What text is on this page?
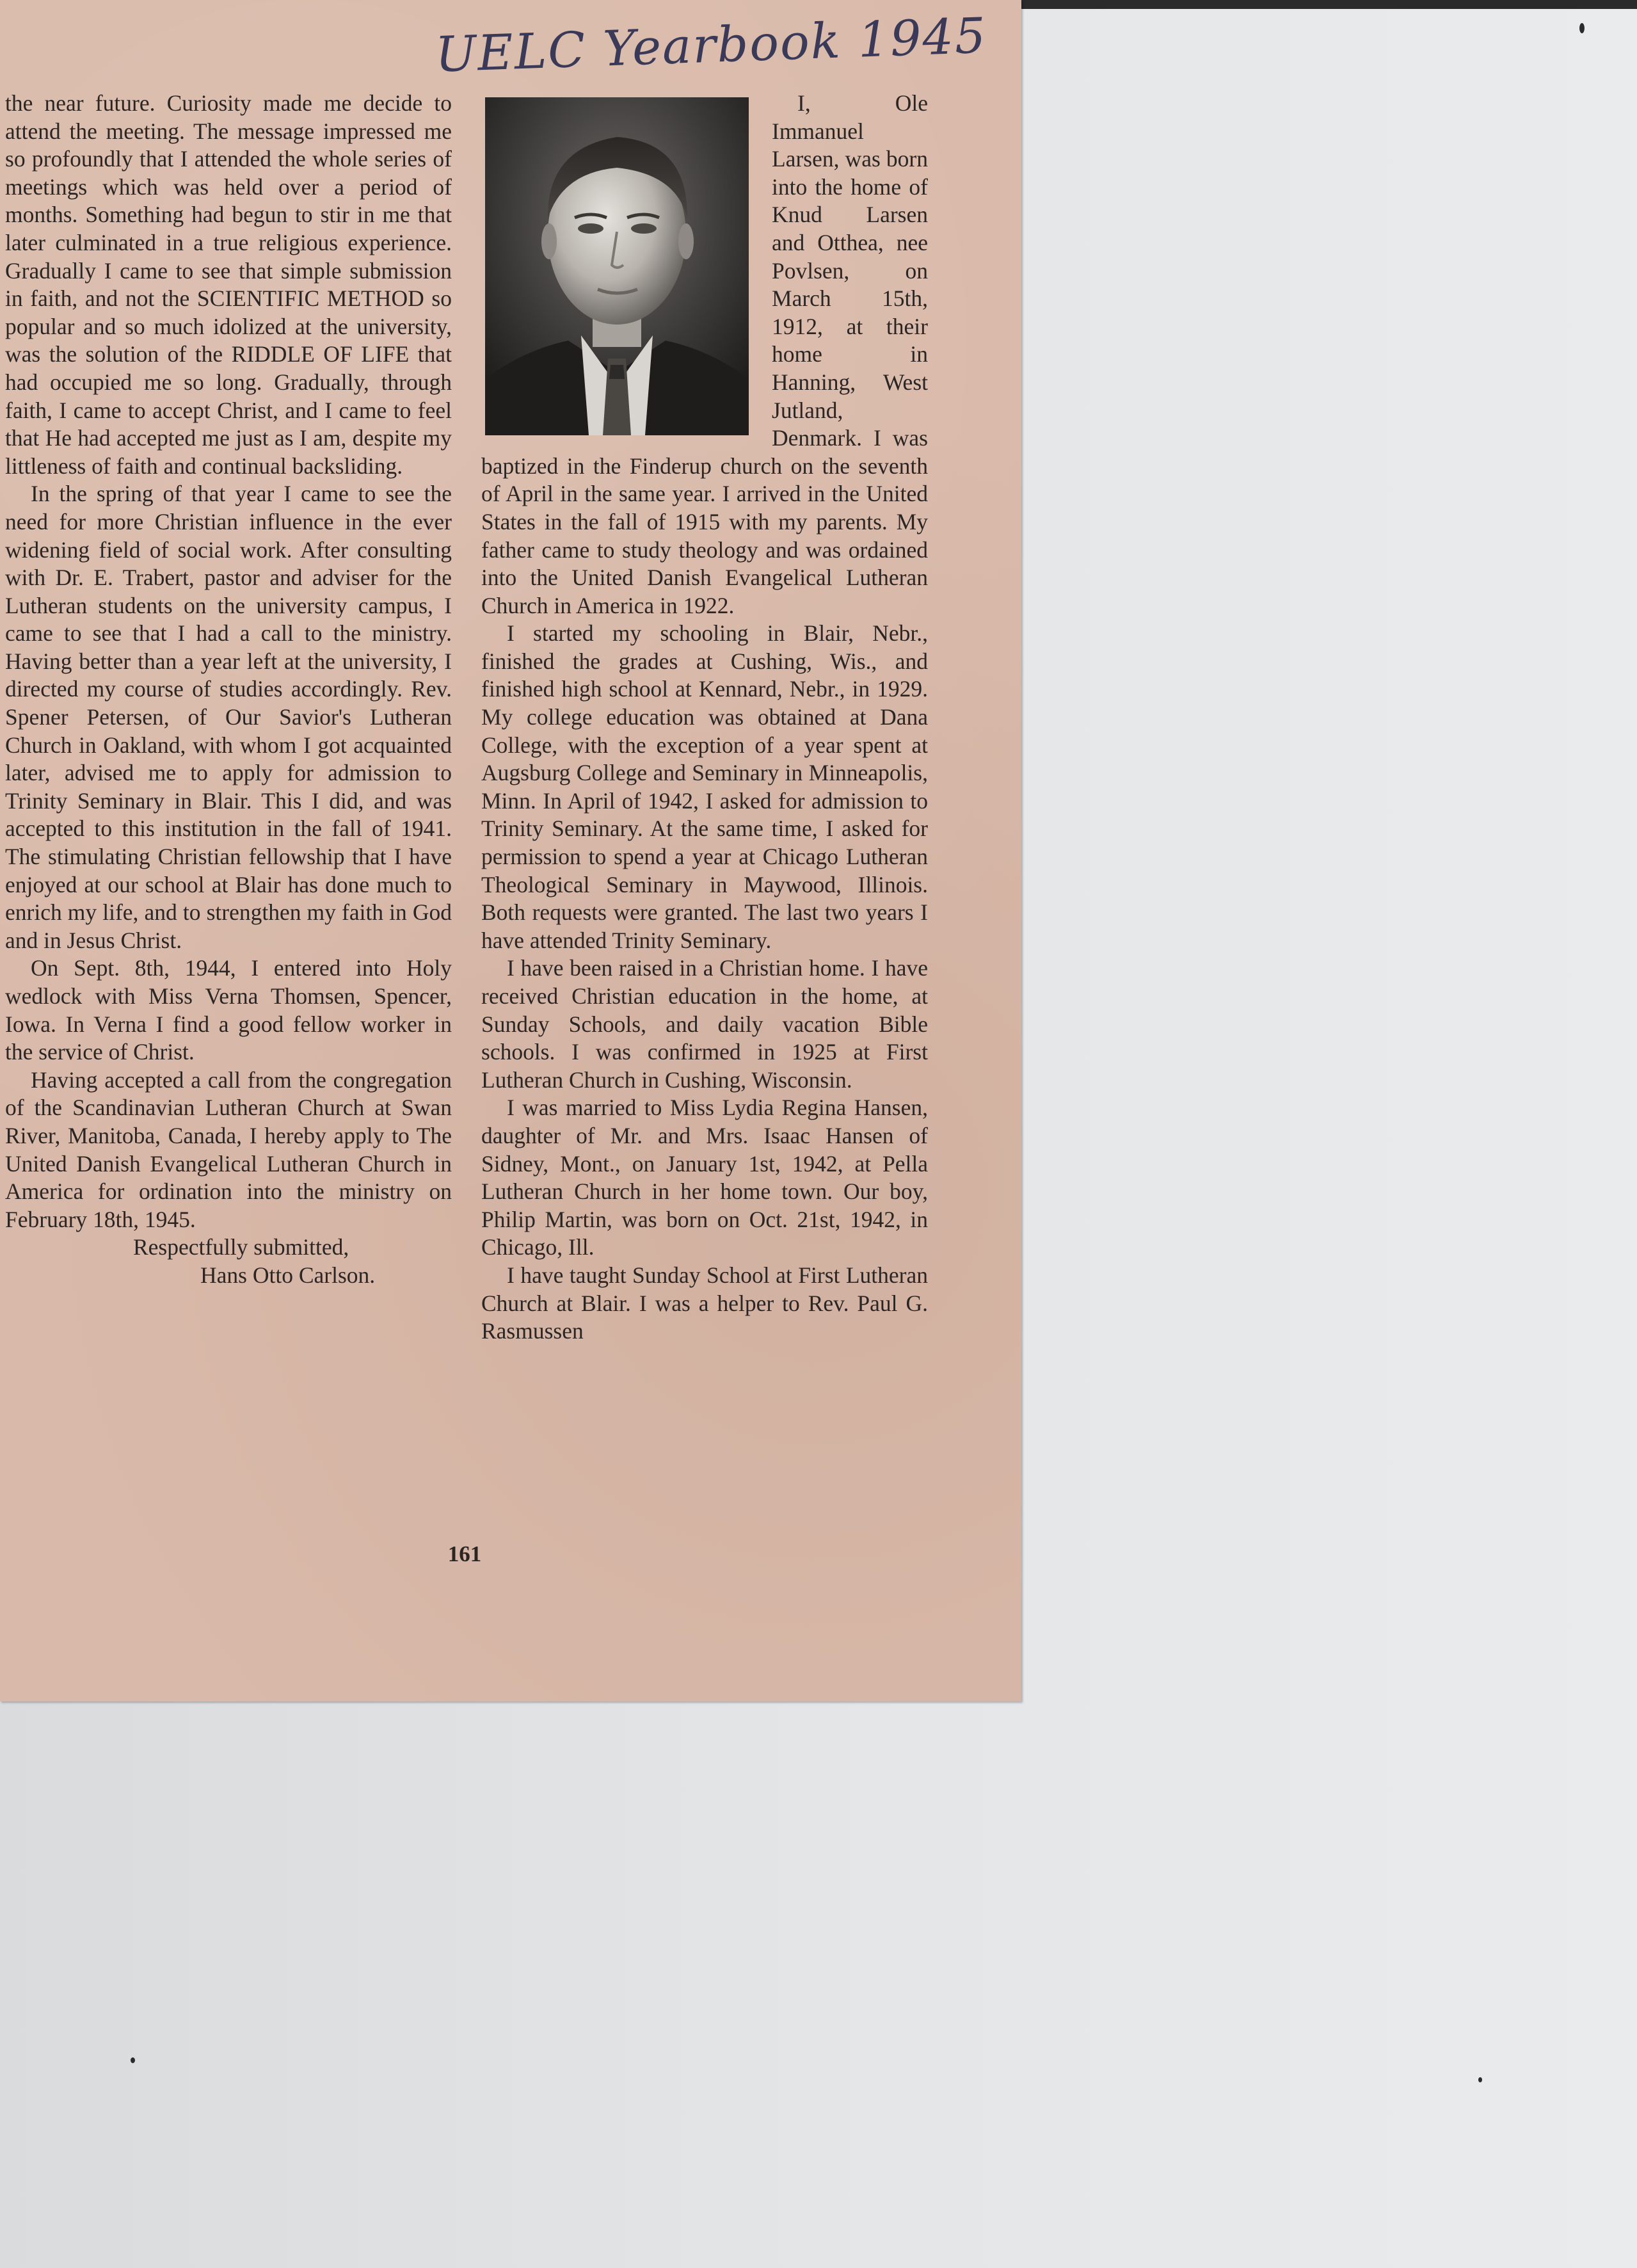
UELC Yearbook 1945

the near future. Curiosity made me decide to attend the meeting. The message impressed me so profoundly that I attended the whole series of meetings which was held over a period of months. Something had begun to stir in me that later culminated in a true religious experience. Gradually I came to see that simple submission in faith, and not the SCIENTIFIC METHOD so popular and so much idolized at the university, was the solution of the RIDDLE OF LIFE that had occupied me so long. Gradually, through faith, I came to accept Christ, and I came to feel that He had accepted me just as I am, despite my littleness of faith and continual backsliding.

In the spring of that year I came to see the need for more Christian influence in the ever widening field of social work. After consulting with Dr. E. Trabert, pastor and adviser for the Lutheran students on the university campus, I came to see that I had a call to the ministry. Having better than a year left at the university, I directed my course of studies accordingly. Rev. Spener Petersen, of Our Savior's Lutheran Church in Oakland, with whom I got acquainted later, advised me to apply for admission to Trinity Seminary in Blair. This I did, and was accepted to this institution in the fall of 1941. The stimulating Christian fellowship that I have enjoyed at our school at Blair has done much to enrich my life, and to strengthen my faith in God and in Jesus Christ.

On Sept. 8th, 1944, I entered into Holy wedlock with Miss Verna Thomsen, Spencer, Iowa. In Verna I find a good fellow worker in the service of Christ.

Having accepted a call from the congregation of the Scandinavian Lutheran Church at Swan River, Manitoba, Canada, I hereby apply to The United Danish Evangelical Lutheran Church in America for ordination into the ministry on February 18th, 1945.

Respectfully submitted,
Hans Otto Carlson.

I, Ole Immanuel Larsen, was born into the home of Knud Larsen and Otthea, nee Povlsen, on March 15th, 1912, at their home in Hanning, West Jutland, Denmark. I was baptized in the Finderup church on the seventh of April in the same year. I arrived in the United States in the fall of 1915 with my parents. My father came to study theology and was ordained into the United Danish Evangelical Lutheran Church in America in 1922.

I started my schooling in Blair, Nebr., finished the grades at Cushing, Wis., and finished high school at Kennard, Nebr., in 1929. My college education was obtained at Dana College, with the exception of a year spent at Augsburg College and Seminary in Minneapolis, Minn. In April of 1942, I asked for admission to Trinity Seminary. At the same time, I asked for permission to spend a year at Chicago Lutheran Theological Seminary in Maywood, Illinois. Both requests were granted. The last two years I have attended Trinity Seminary.

I have been raised in a Christian home. I have received Christian education in the home, at Sunday Schools, and daily vacation Bible schools. I was confirmed in 1925 at First Lutheran Church in Cushing, Wisconsin.

I was married to Miss Lydia Regina Hansen, daughter of Mr. and Mrs. Isaac Hansen of Sidney, Mont., on January 1st, 1942, at Pella Lutheran Church in her home town. Our boy, Philip Martin, was born on Oct. 21st, 1942, in Chicago, Ill.

I have taught Sunday School at First Lutheran Church at Blair. I was a helper to Rev. Paul G. Rasmussen

161
